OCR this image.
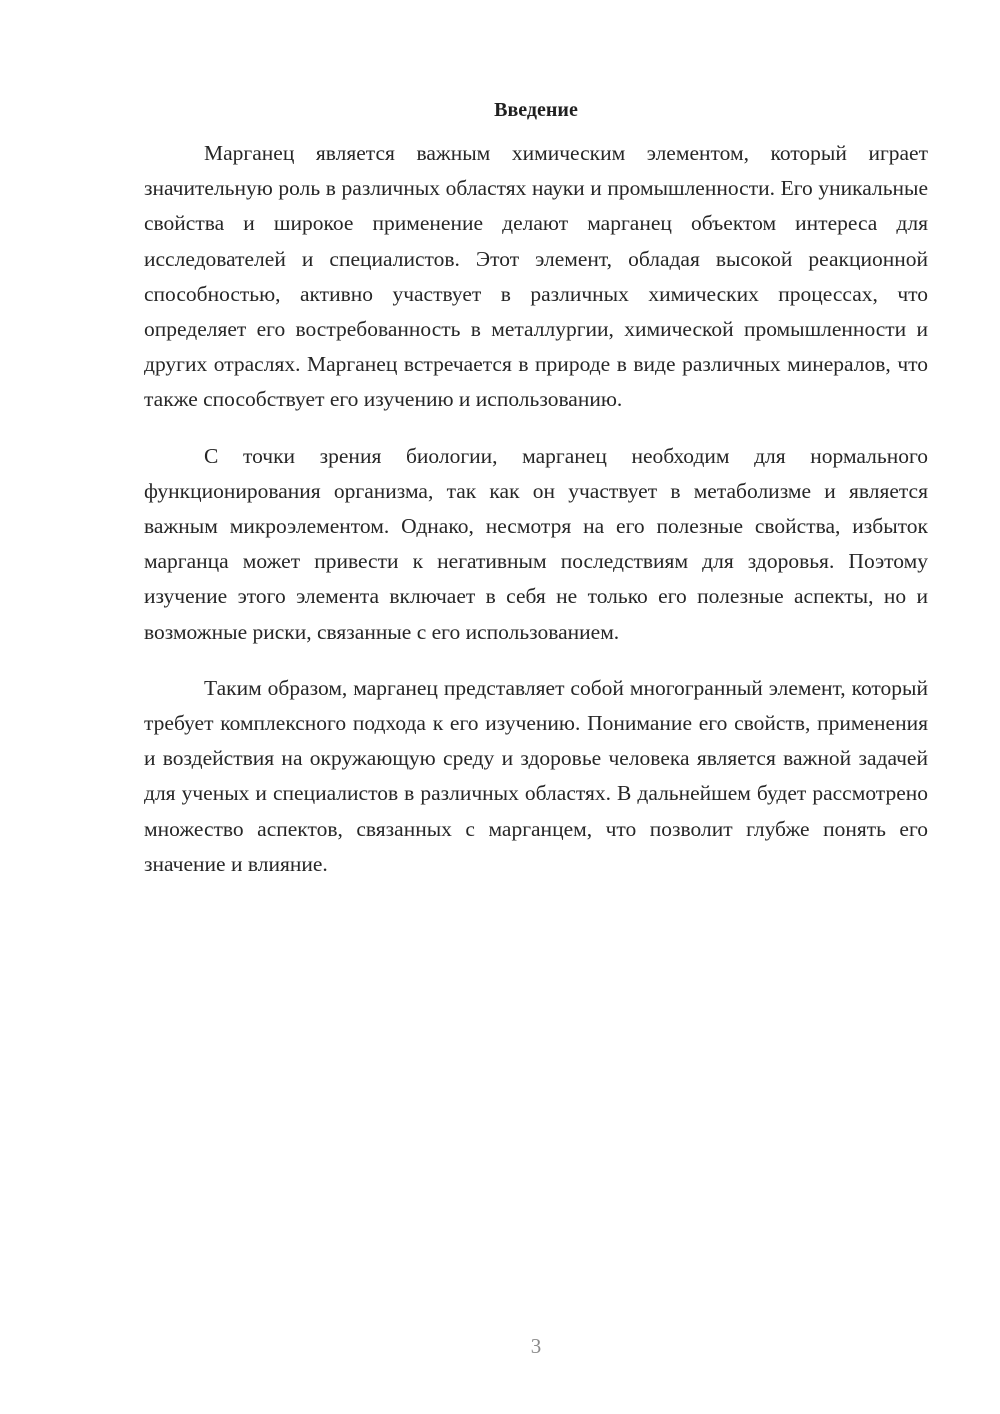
Введение

Марганец является важным химическим элементом, который играет значительную роль в различных областях науки и промышленности. Его уникальные свойства и широкое применение делают марганец объектом интереса для исследователей и специалистов. Этот элемент, обладая высокой реакционной способностью, активно участвует в различных химических процессах, что определяет его востребованность в металлургии, химической промышленности и других отраслях. Марганец встречается в природе в виде различных минералов, что также способствует его изучению и использованию.

С точки зрения биологии, марганец необходим для нормального функционирования организма, так как он участвует в метаболизме и является важным микроэлементом. Однако, несмотря на его полезные свойства, избыток марганца может привести к негативным последствиям для здоровья. Поэтому изучение этого элемента включает в себя не только его полезные аспекты, но и возможные риски, связанные с его использованием.

Таким образом, марганец представляет собой многогранный элемент, который требует комплексного подхода к его изучению. Понимание его свойств, применения и воздействия на окружающую среду и здоровье человека является важной задачей для ученых и специалистов в различных областях. В дальнейшем будет рассмотрено множество аспектов, связанных с марганцем, что позволит глубже понять его значение и влияние.

3
